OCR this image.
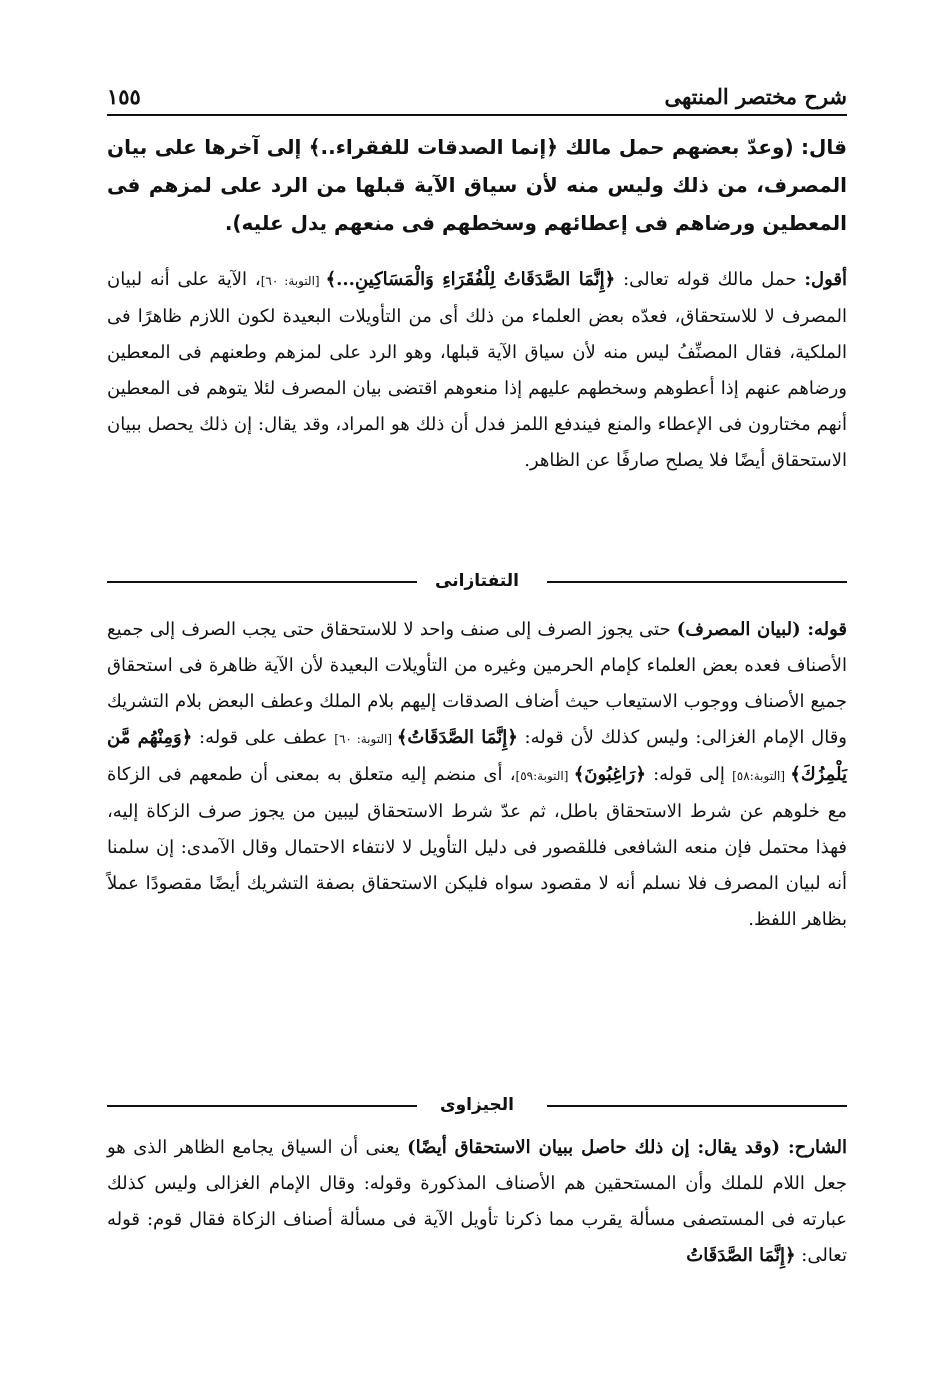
شرح مختصر المنتهى
١٥٥

قال: (وعدّ بعضهم حمل مالك ﴿إنما الصدقات للفقراء..﴾ إلى آخرها على بيان المصرف، من ذلك وليس منه لأن سياق الآية قبلها من الرد على لمزهم فى المعطين ورضاهم فى إعطائهم وسخطهم فى منعهم يدل عليه).

أقول: حمل مالك قوله تعالى: ﴿إِنَّمَا الصَّدَقَاتُ لِلْفُقَرَاءِ وَالْمَسَاكِينِ...﴾ [التوبة: ٦٠]، الآية على أنه لبيان المصرف لا للاستحقاق، فعدّه بعض العلماء من ذلك أى من التأويلات البعيدة لكون اللازم ظاهرًا فى الملكية، فقال المصنِّفُ ليس منه لأن سياق الآية قبلها، وهو الرد على لمزهم وطعنهم فى المعطين ورضاهم عنهم إذا أعطوهم وسخطهم عليهم إذا منعوهم اقتضى بيان المصرف لئلا يتوهم فى المعطين أنهم مختارون فى الإعطاء والمنع فيندفع اللمز فدل أن ذلك هو المراد، وقد يقال: إن ذلك يحصل ببيان الاستحقاق أيضًا فلا يصلح صارفًا عن الظاهر.

التفتازانى

قوله: (لبيان المصرف) حتى يجوز الصرف إلى صنف واحد لا للاستحقاق حتى يجب الصرف إلى جميع الأصناف فعده بعض العلماء كإمام الحرمين وغيره من التأويلات البعيدة لأن الآية ظاهرة فى استحقاق جميع الأصناف ووجوب الاستيعاب حيث أضاف الصدقات إليهم بلام الملك وعطف البعض بلام التشريك وقال الإمام الغزالى: وليس كذلك لأن قوله: ﴿إِنَّمَا الصَّدَقَاتُ﴾ [التوبة: ٦٠] عطف على قوله: ﴿وَمِنْهُم مَّن يَلْمِزُكَ﴾ [التوبة:٥٨] إلى قوله: ﴿رَاغِبُونَ﴾ [التوبة:٥٩]، أى منضم إليه متعلق به بمعنى أن طمعهم فى الزكاة مع خلوهم عن شرط الاستحقاق باطل، ثم عدّ شرط الاستحقاق ليبين من يجوز صرف الزكاة إليه، فهذا محتمل فإن منعه الشافعى فللقصور فى دليل التأويل لا لانتفاء الاحتمال وقال الآمدى: إن سلمنا أنه لبيان المصرف فلا نسلم أنه لا مقصود سواه فليكن الاستحقاق بصفة التشريك أيضًا مقصودًا عملاً بظاهر اللفظ.

الجيزاوى

الشارح: (وقد يقال: إن ذلك حاصل ببيان الاستحقاق أيضًا) يعنى أن السياق يجامع الظاهر الذى هو جعل اللام للملك وأن المستحقين هم الأصناف المذكورة وقوله: وقال الإمام الغزالى وليس كذلك عبارته فى المستصفى مسألة يقرب مما ذكرنا تأويل الآية فى مسألة أصناف الزكاة فقال قوم: قوله تعالى: ﴿إِنَّمَا الصَّدَقَاتُ
